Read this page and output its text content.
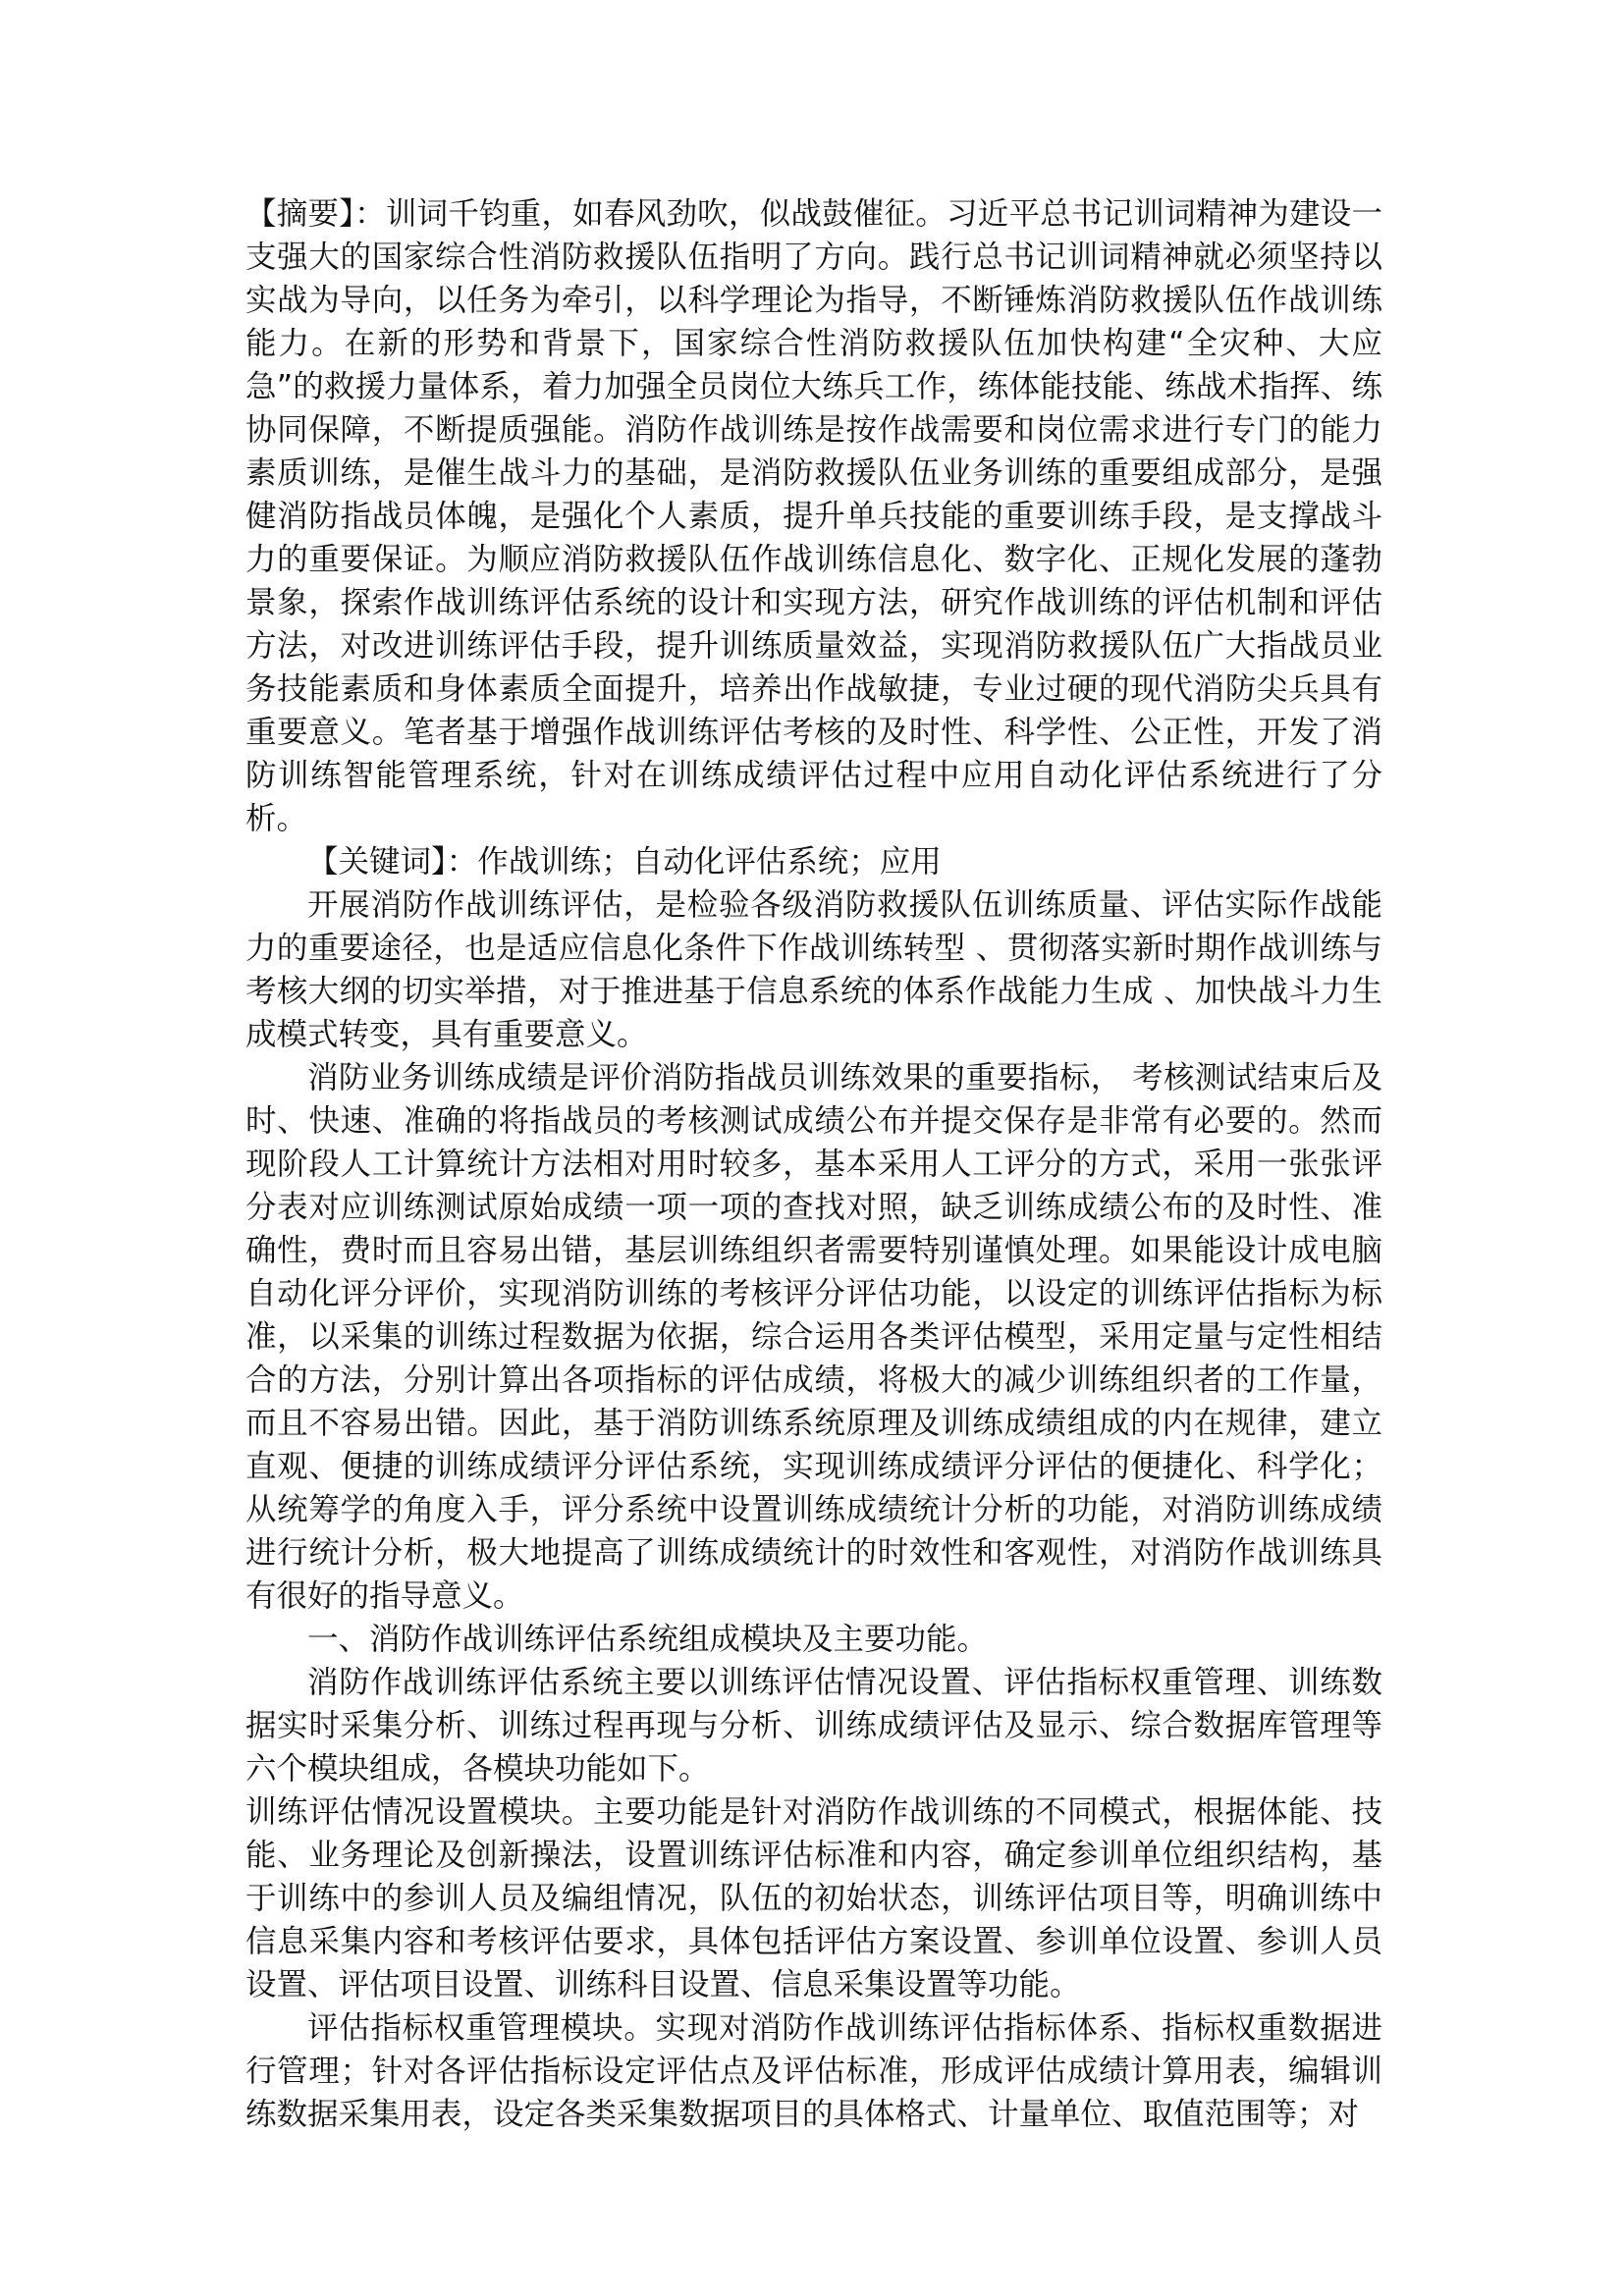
【摘要】：训词千钧重，如春风劲吹，似战鼓催征。习近平总书记训词精神为建设一支强大的国家综合性消防救援队伍指明了方向。践行总书记训词精神就必须坚持以实战为导向，以任务为牵引，以科学理论为指导，不断锤炼消防救援队伍作战训练能力。在新的形势和背景下，国家综合性消防救援队伍加快构建“全灾种、大应急”的救援力量体系，着力加强全员岗位大练兵工作，练体能技能、练战术指挥、练协同保障，不断提质强能。消防作战训练是按作战需要和岗位需求进行专门的能力素质训练，是催生战斗力的基础，是消防救援队伍业务训练的重要组成部分，是强健消防指战员体魄，是强化个人素质，提升单兵技能的重要训练手段，是支撑战斗力的重要保证。为顺应消防救援队伍作战训练信息化、数字化、正规化发展的蓬勃景象，探索作战训练评估系统的设计和实现方法，研究作战训练的评估机制和评估方法，对改进训练评估手段，提升训练质量效益，实现消防救援队伍广大指战员业务技能素质和身体素质全面提升，培养出作战敏捷，专业过硬的现代消防尖兵具有重要意义。笔者基于增强作战训练评估考核的及时性、科学性、公正性，开发了消防训练智能管理系统，针对在训练成绩评估过程中应用自动化评估系统进行了分析。

【关键词】：作战训练；自动化评估系统；应用

开展消防作战训练评估，是检验各级消防救援队伍训练质量、评估实际作战能力的重要途径，也是适应信息化条件下作战训练转型 、贯彻落实新时期作战训练与考核大纲的切实举措，对于推进基于信息系统的体系作战能力生成 、加快战斗力生成模式转变，具有重要意义。

消防业务训练成绩是评价消防指战员训练效果的重要指标， 考核测试结束后及时、快速、准确的将指战员的考核测试成绩公布并提交保存是非常有必要的。然而现阶段人工计算统计方法相对用时较多，基本采用人工评分的方式，采用一张张评分表对应训练测试原始成绩一项一项的查找对照，缺乏训练成绩公布的及时性、准确性，费时而且容易出错，基层训练组织者需要特别谨慎处理。如果能设计成电脑自动化评分评价，实现消防训练的考核评分评估功能，以设定的训练评估指标为标准，以采集的训练过程数据为依据，综合运用各类评估模型，采用定量与定性相结合的方法，分别计算出各项指标的评估成绩，将极大的减少训练组织者的工作量，而且不容易出错。因此，基于消防训练系统原理及训练成绩组成的内在规律，建立直观、便捷的训练成绩评分评估系统，实现训练成绩评分评估的便捷化、科学化；从统筹学的角度入手，评分系统中设置训练成绩统计分析的功能，对消防训练成绩进行统计分析，极大地提高了训练成绩统计的时效性和客观性，对消防作战训练具有很好的指导意义。

一、消防作战训练评估系统组成模块及主要功能。

消防作战训练评估系统主要以训练评估情况设置、评估指标权重管理、训练数据实时采集分析、训练过程再现与分析、训练成绩评估及显示、综合数据库管理等六个模块组成，各模块功能如下。

训练评估情况设置模块。主要功能是针对消防作战训练的不同模式，根据体能、技能、业务理论及创新操法，设置训练评估标准和内容，确定参训单位组织结构，基于训练中的参训人员及编组情况，队伍的初始状态，训练评估项目等，明确训练中信息采集内容和考核评估要求，具体包括评估方案设置、参训单位设置、参训人员设置、评估项目设置、训练科目设置、信息采集设置等功能。

评估指标权重管理模块。实现对消防作战训练评估指标体系、指标权重数据进行管理；针对各评估指标设定评估点及评估标准，形成评估成绩计算用表，编辑训练数据采集用表，设定各类采集数据项目的具体格式、计量单位、取值范围等；对
